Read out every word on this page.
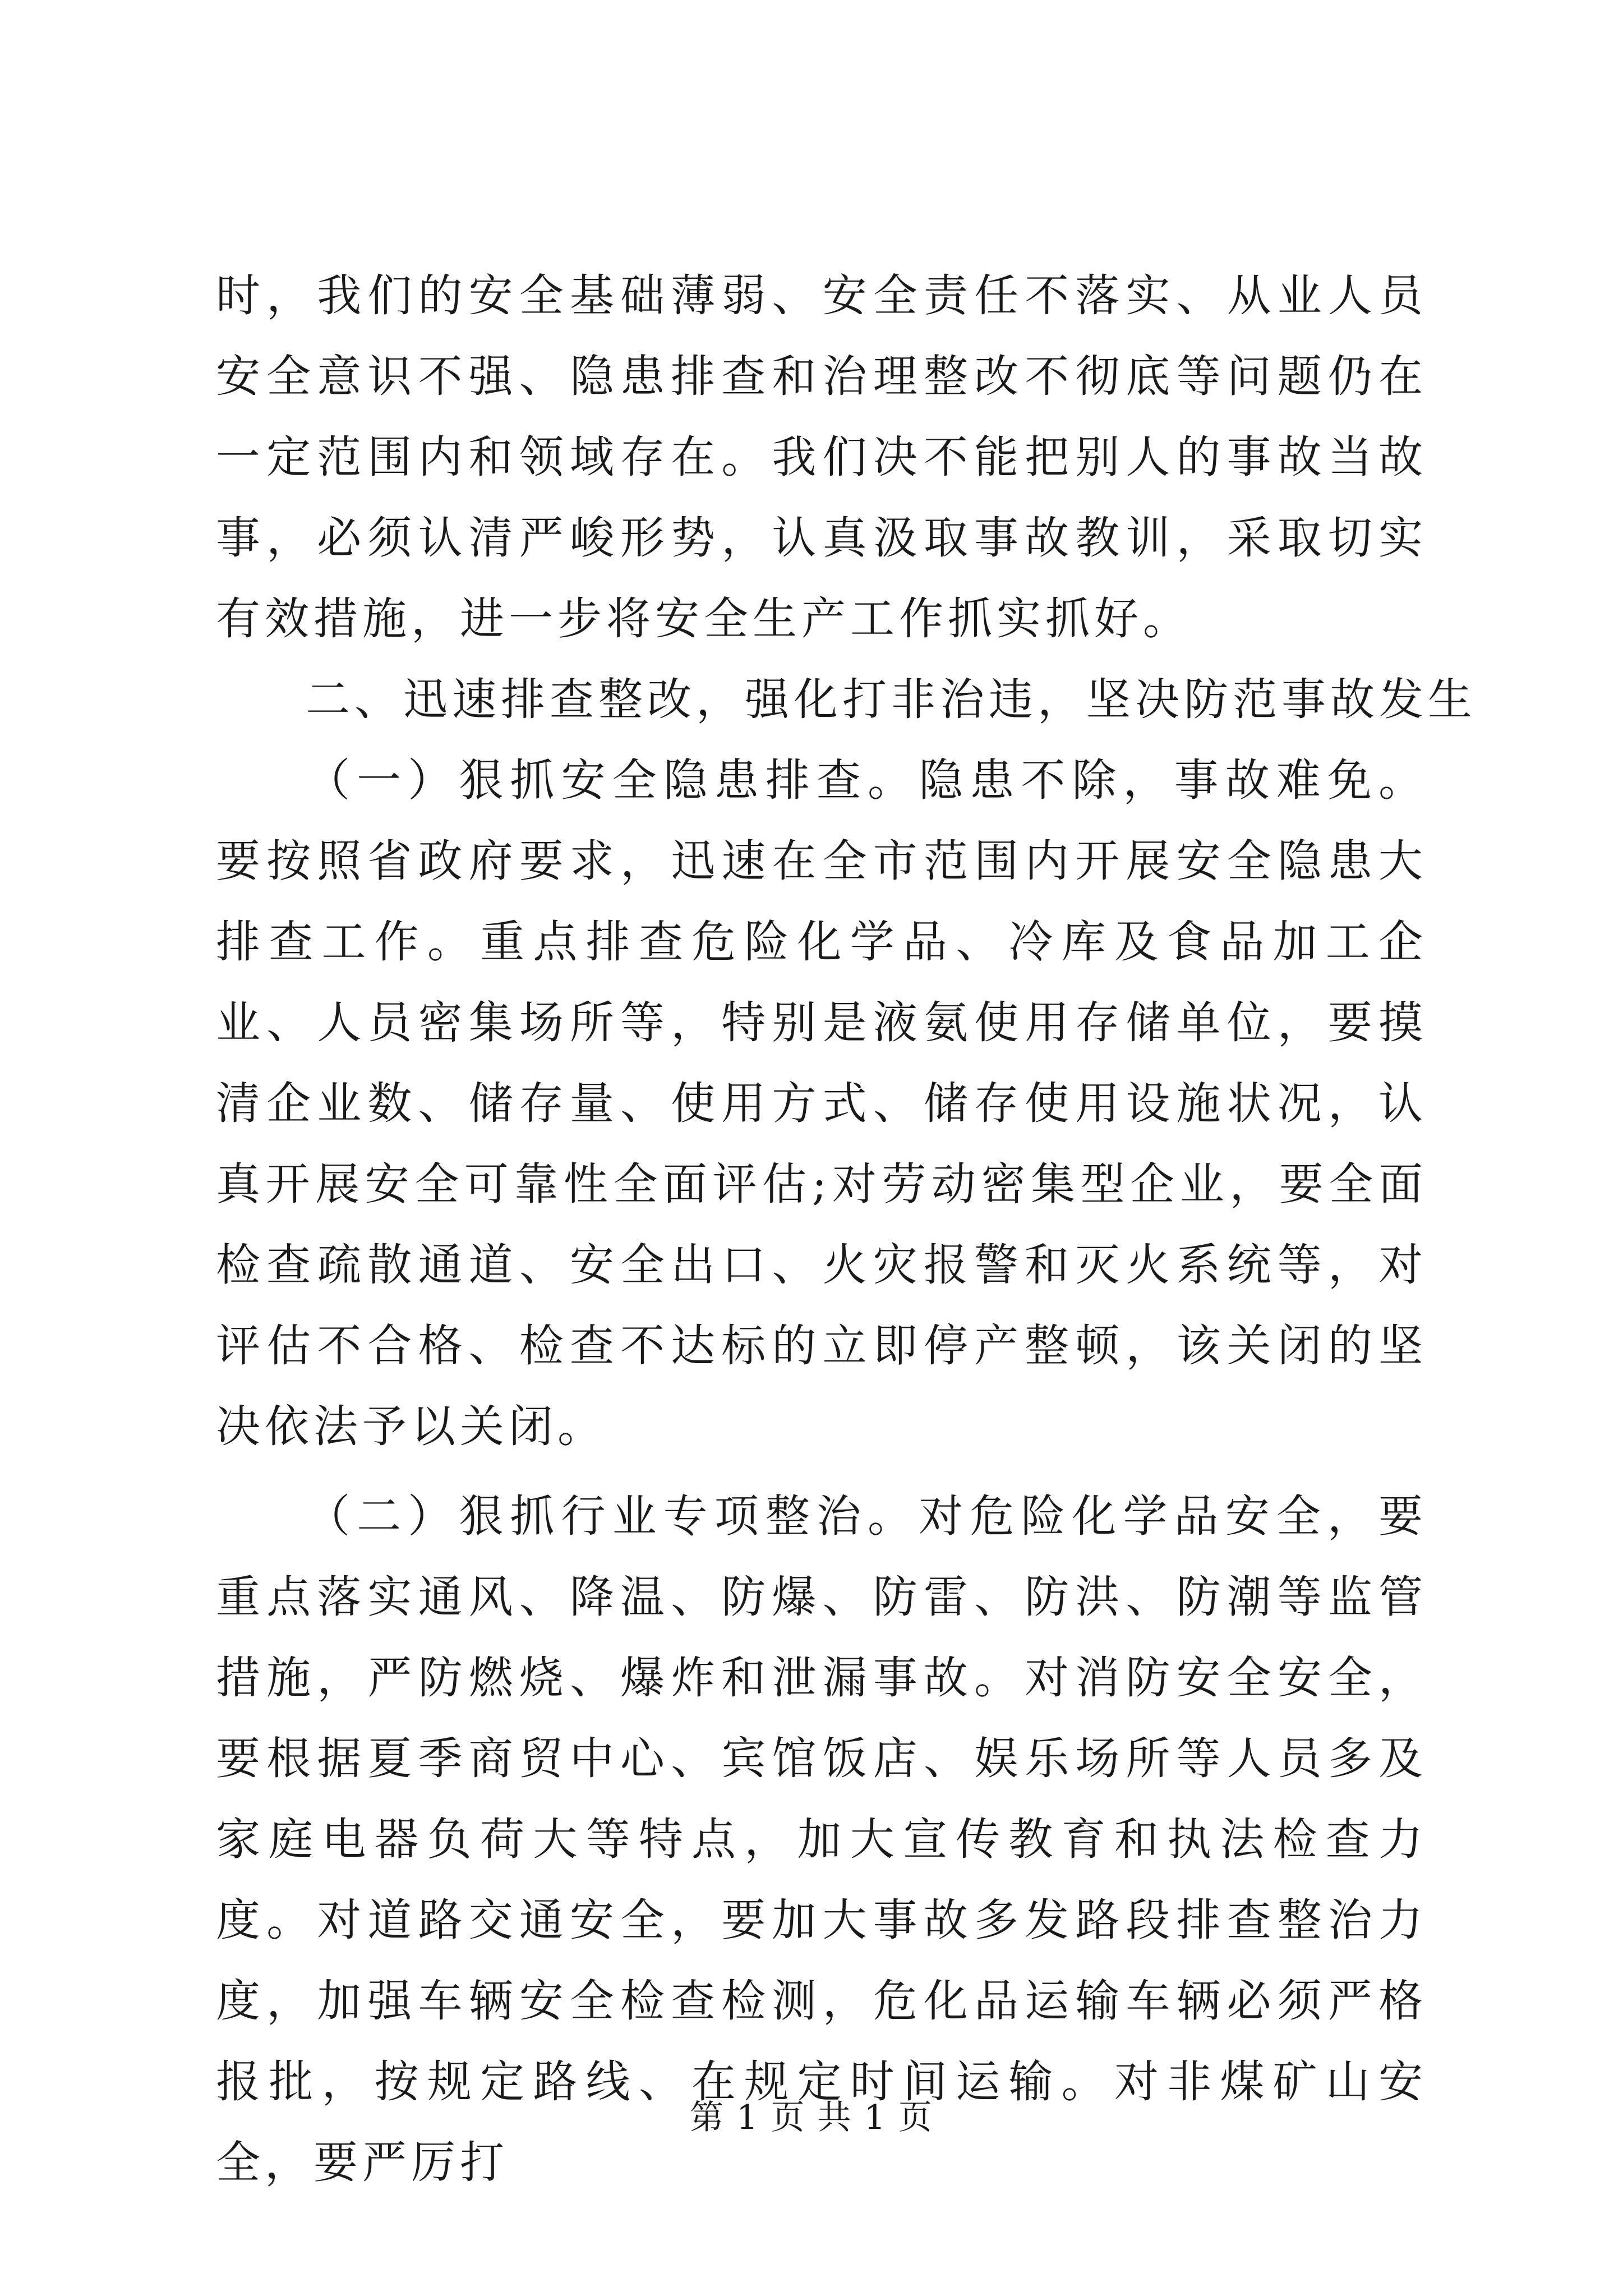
时，我们的安全基础薄弱、安全责任不落实、从业人员安全意识不强、隐患排查和治理整改不彻底等问题仍在一定范围内和领域存在。我们决不能把别人的事故当故事，必须认清严峻形势，认真汲取事故教训，采取切实有效措施，进一步将安全生产工作抓实抓好。

二、迅速排查整改，强化打非治违，坚决防范事故发生

（一）狠抓安全隐患排查。隐患不除，事故难免。要按照省政府要求，迅速在全市范围内开展安全隐患大排查工作。重点排查危险化学品、冷库及食品加工企业、人员密集场所等，特别是液氨使用存储单位，要摸清企业数、储存量、使用方式、储存使用设施状况，认真开展安全可靠性全面评估;对劳动密集型企业，要全面检查疏散通道、安全出口、火灾报警和灭火系统等，对评估不合格、检查不达标的立即停产整顿，该关闭的坚决依法予以关闭。

（二）狠抓行业专项整治。对危险化学品安全，要重点落实通风、降温、防爆、防雷、防洪、防潮等监管措施，严防燃烧、爆炸和泄漏事故。对消防安全安全，要根据夏季商贸中心、宾馆饭店、娱乐场所等人员多及家庭电器负荷大等特点，加大宣传教育和执法检查力度。对道路交通安全，要加大事故多发路段排查整治力度，加强车辆安全检查检测，危化品运输车辆必须严格报批，按规定路线、在规定时间运输。对非煤矿山安全，要严厉打

第 1 页 共 1 页
